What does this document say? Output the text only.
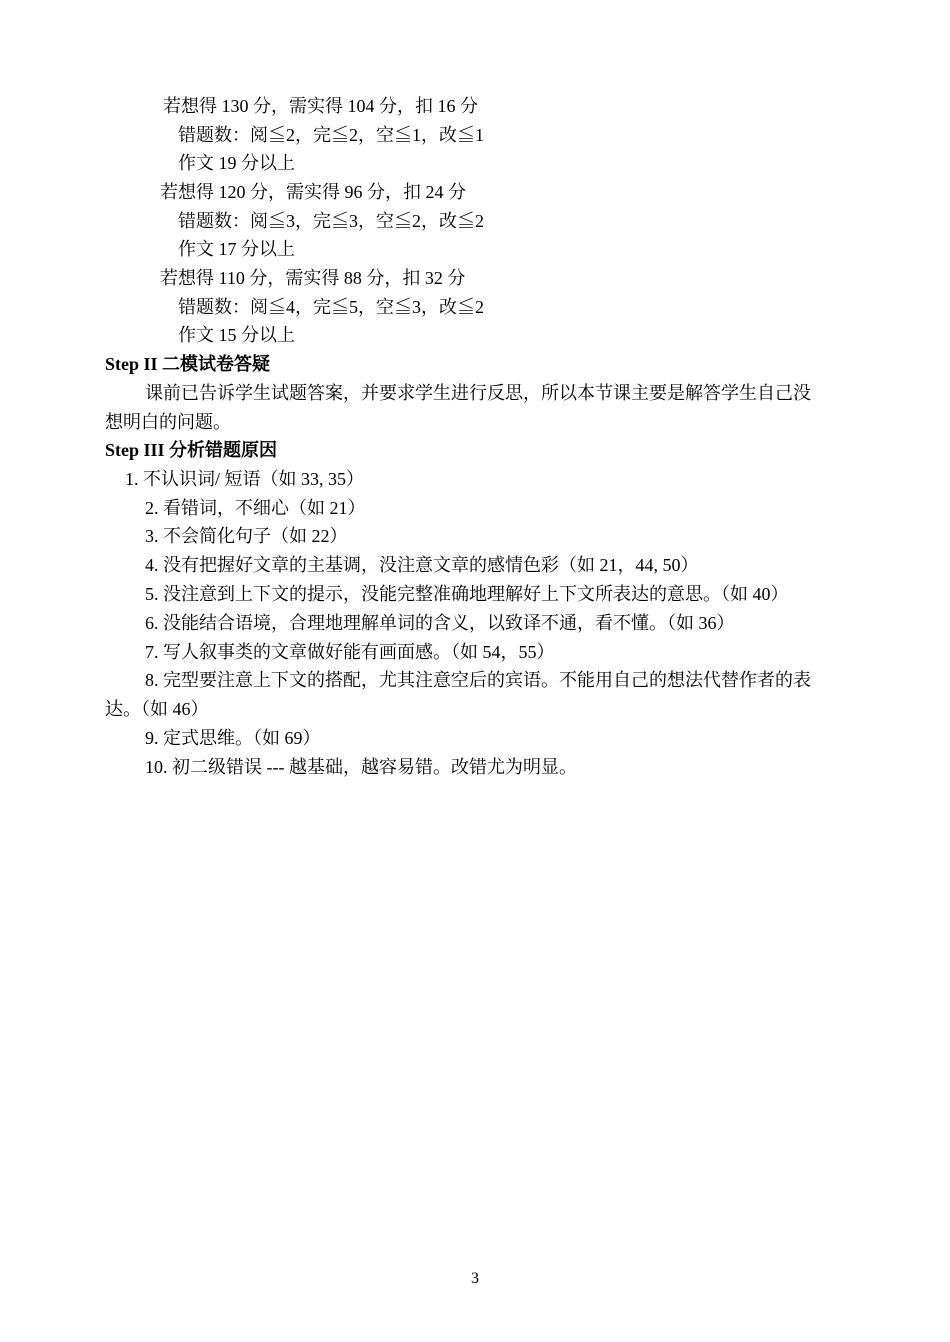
若想得 130 分，需实得 104 分，扣 16 分
错题数：阅≦2，完≦2，空≦1，改≦1
作文 19 分以上
若想得 120 分，需实得 96 分，扣 24 分
错题数：阅≦3，完≦3，空≦2，改≦2
作文 17 分以上
若想得 110 分，需实得 88 分，扣 32 分
错题数：阅≦4，完≦5，空≦3，改≦2
作文 15 分以上
Step II 二模试卷答疑
课前已告诉学生试题答案，并要求学生进行反思，所以本节课主要是解答学生自己没
想明白的问题。
Step III 分析错题原因
1. 不认识词/ 短语（如 33, 35）
2. 看错词，不细心（如 21）
3. 不会简化句子（如 22）
4. 没有把握好文章的主基调，没注意文章的感情色彩（如 21，44, 50）
5. 没注意到上下文的提示，没能完整准确地理解好上下文所表达的意思。（如 40）
6. 没能结合语境，合理地理解单词的含义，以致译不通，看不懂。（如 36）
7. 写人叙事类的文章做好能有画面感。（如 54，55）
8. 完型要注意上下文的搭配，尤其注意空后的宾语。不能用自己的想法代替作者的表
达。（如 46）
9. 定式思维。（如 69）
10. 初二级错误 --- 越基础，越容易错。改错尤为明显。
3
